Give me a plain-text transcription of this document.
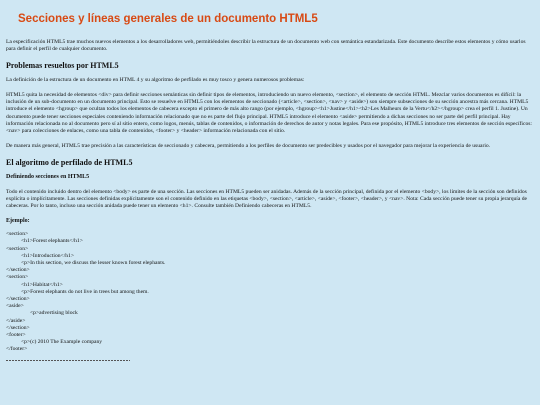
Secciones y líneas generales de un documento HTML5

La especificación HTML5 trae muchos nuevos elementos a los desarrolladores web, permitiéndoles describir la estructura de un documento web con semántica estandarizada. Este documento describe estos elementos y cómo usarlos para definir el perfil de cualquier documento.

Problemas resueltos por HTML5

La definición de la estructura de un documento en HTML 4 y su algoritmo de perfilado es muy tosco y genera numerosos problemas:

HTML5 quita la necesidad de elementos <div> para definir secciones semánticas sin definir tipos de elementos, introduciendo un nuevo elemento, <section>, el elemento de sección HTML. Mezclar varios documentos es difícil: la inclusión de un sub-documento en un documento principal. Esto se resuelve en HTML5 con los elementos de seccionado (<article>, <section>, <nav> y <aside>) son siempre subsecciones de su sección ancestra más cercana. HTML5 introduce el elemento <hgroup> que ocultan todos los elementos de cabecera excepto el primero de más alto rango (por ejemplo, <hgroup><h1>Justine</h1><h2>Les Malheurs de la Vertu</h2></hgroup> crea el perfil 1. Justine). Un documento puede tener secciones especiales conteniendo información relacionado que no es parte del flujo principal. HTML5 introduce el elemento <aside> permitiendo a dichas secciones no ser parte del perfil principal. Hay información relacionada no al documento pero sí al sitio entero, como logos, menús, tablas de contenidos, o información de derechos de autor y notas legales. Para ese propósito, HTML5 introduce tres elementos de sección específicos: <nav> para colecciones de enlaces, como una tabla de contenidos, <footer> y <header> información relacionada con el sitio.

De manera más general, HTML5 trae precisión a las características de seccionado y cabecera, permitiendo a los perfiles de documento ser predecibles y usados por el navegador para mejorar la experiencia de usuario.

El algoritmo de perfilado de HTML5
Definiendo secciones en HTML5

Todo el contenido incluido dentro del elemento <body> es parte de una sección. Las secciones en HTML5 pueden ser anidadas. Además de la sección principal, definida por el elemento <body>, los límites de la sección son definidos explícita o implícitamente. Las secciones definidas explícitamente son el contenido definido en las etiquetas <body>, <section>, <article>, <aside>, <footer>, <header>, y <nav>. Nota: Cada sección puede tener su propia jerarquía de cabeceras. Por lo tanto, incluso una sección anidada puede tener un elemento <h1>. Consulte también Definiendo cabeceras en HTML5.

Ejemplo:
<section>
<h1>Forest elephants</h1>
<section>
<h1>Introduction</h1>
<p>In this section, we discuss the lesser known forest elephants.
</section>
<section>
<h1>Habitat</h1>
<p>Forest elephants do not live in trees but among them.
</section>
<aside>
<p>advertising block
</aside>
</section>
<footer>
<p>(c) 2010 The Example company
</footer>
